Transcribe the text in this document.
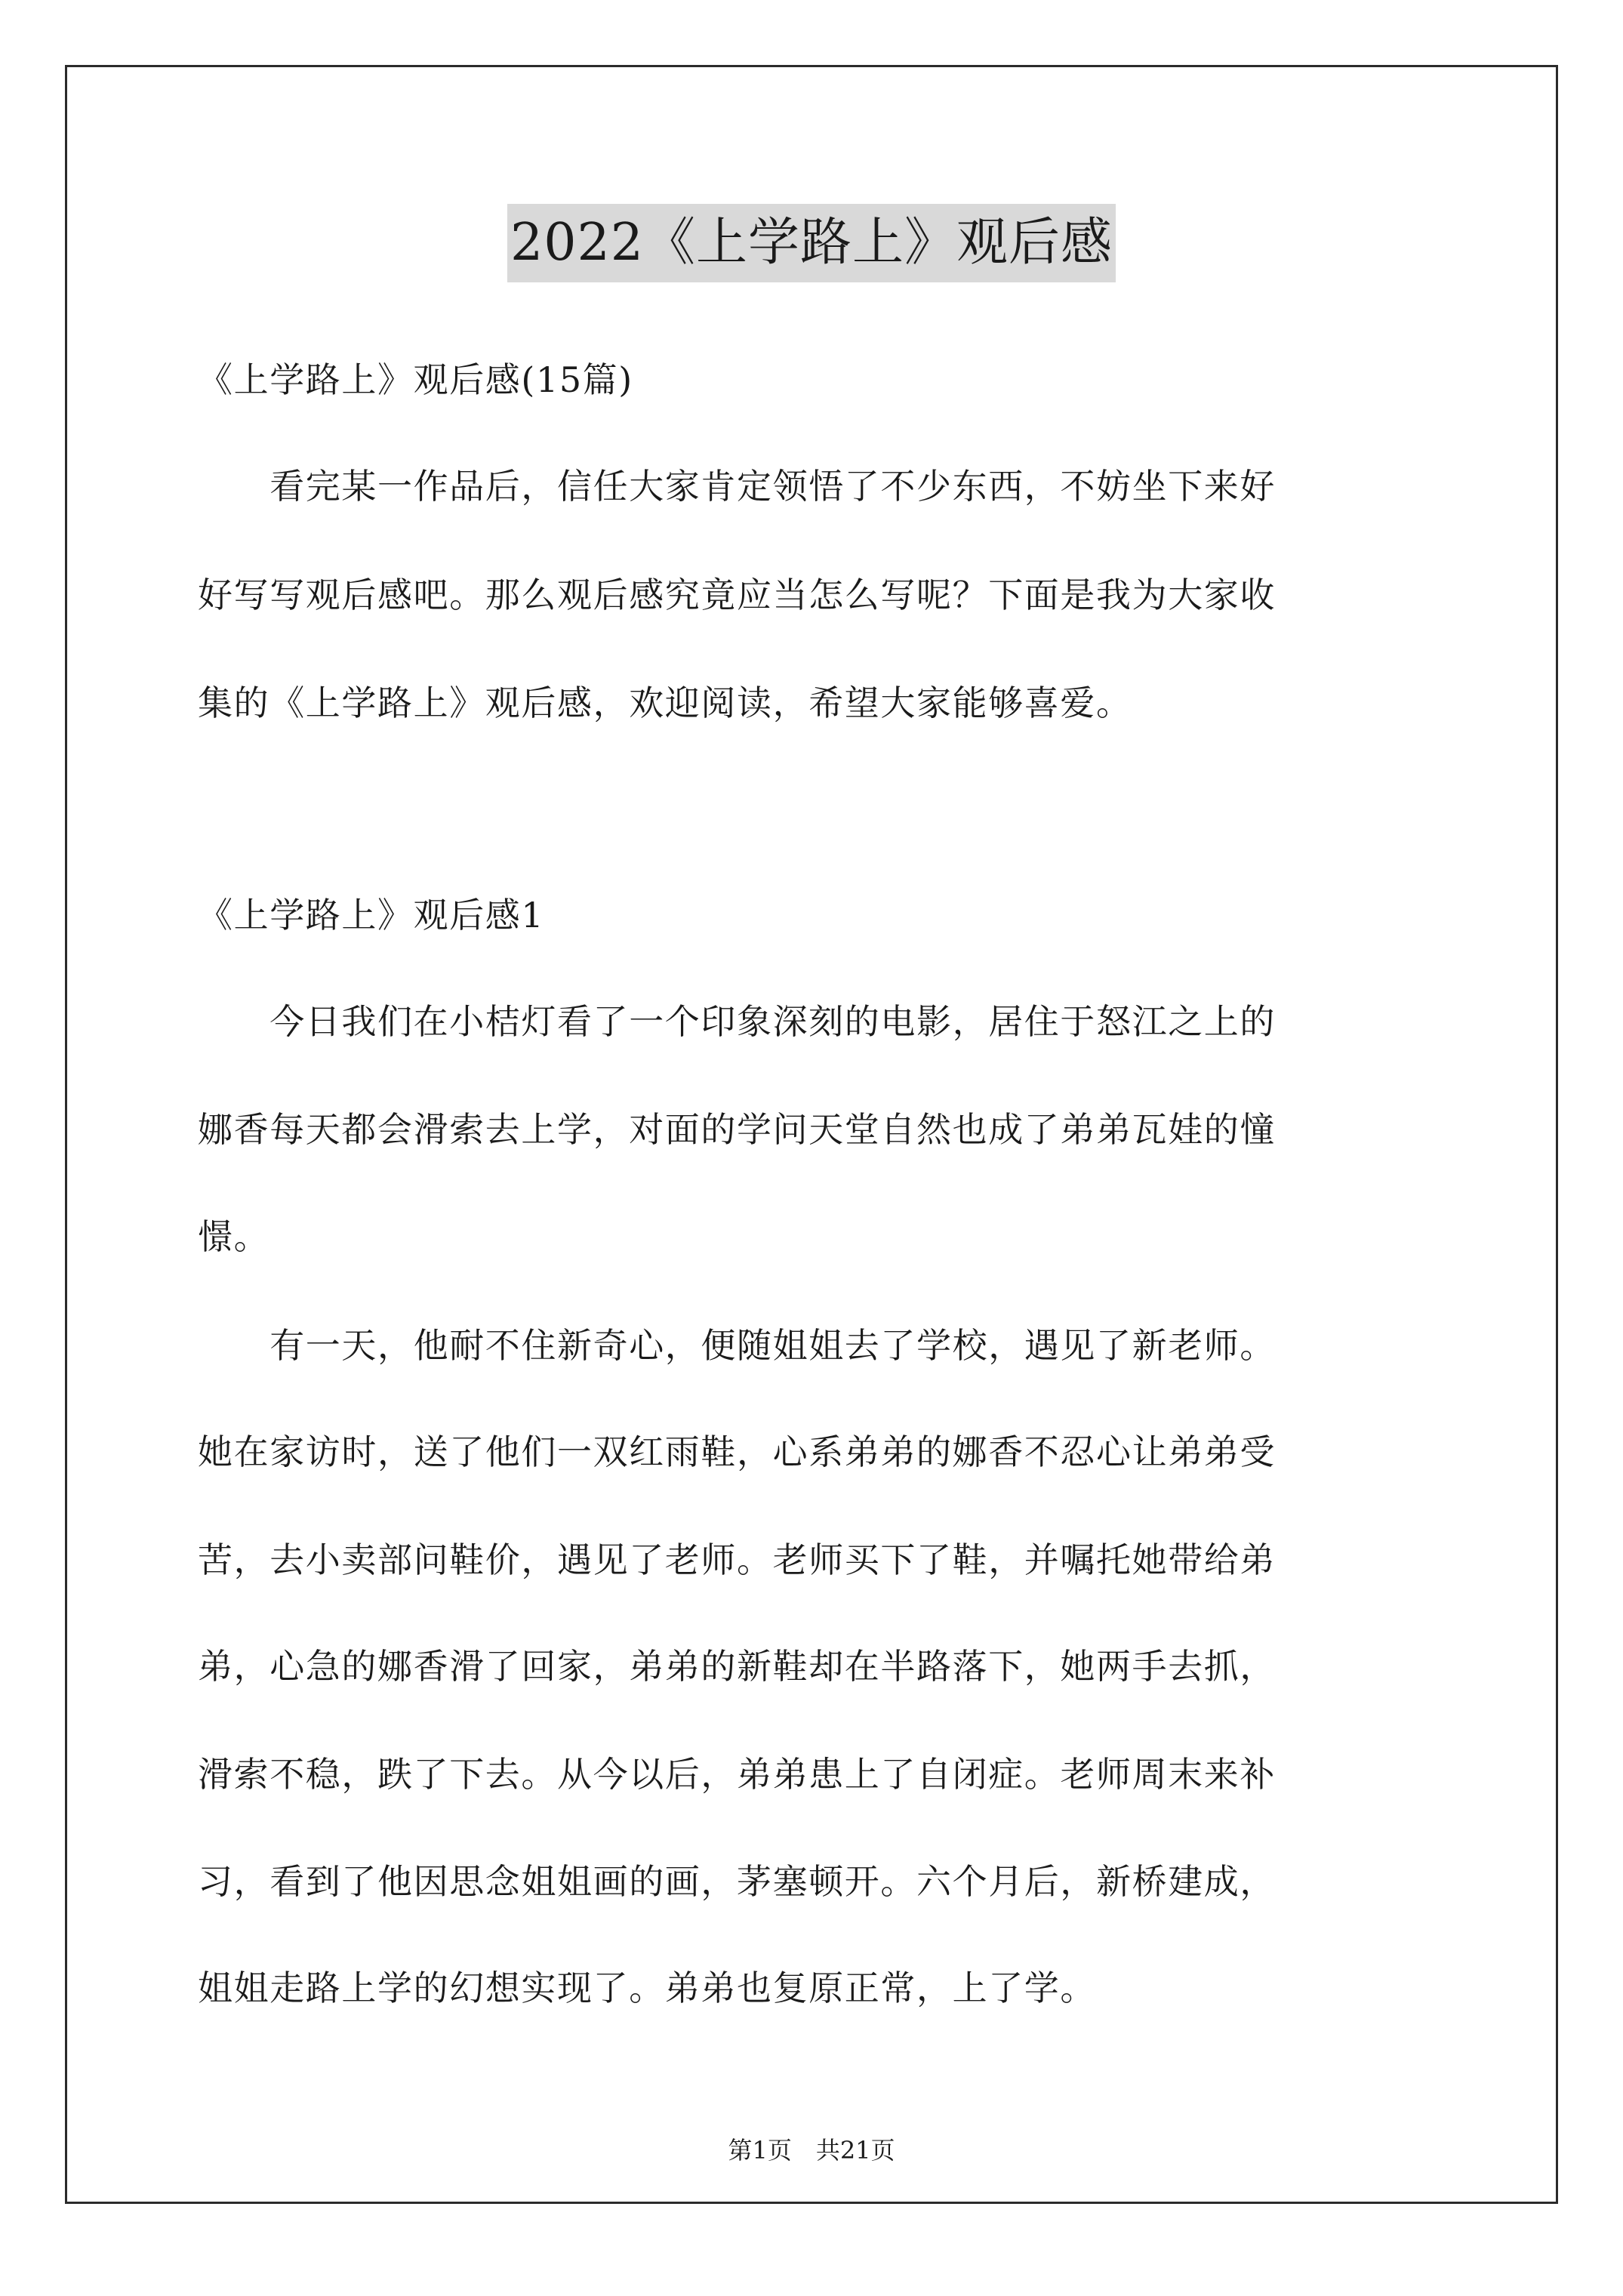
2022《上学路上》观后感
《上学路上》观后感(15篇)
　　看完某一作品后，信任大家肯定领悟了不少东西，不妨坐下来好
好写写观后感吧。那么观后感究竟应当怎么写呢？下面是我为大家收
集的《上学路上》观后感，欢迎阅读，希望大家能够喜爱。
《上学路上》观后感1
　　今日我们在小桔灯看了一个印象深刻的电影，居住于怒江之上的
娜香每天都会滑索去上学，对面的学问天堂自然也成了弟弟瓦娃的憧
憬。
　　有一天，他耐不住新奇心，便随姐姐去了学校，遇见了新老师。
她在家访时，送了他们一双红雨鞋，心系弟弟的娜香不忍心让弟弟受
苦，去小卖部问鞋价，遇见了老师。老师买下了鞋，并嘱托她带给弟
弟，心急的娜香滑了回家，弟弟的新鞋却在半路落下，她两手去抓，
滑索不稳，跌了下去。从今以后，弟弟患上了自闭症。老师周末来补
习，看到了他因思念姐姐画的画，茅塞顿开。六个月后，新桥建成，
姐姐走路上学的幻想实现了。弟弟也复原正常，上了学。
第1页　共21页
